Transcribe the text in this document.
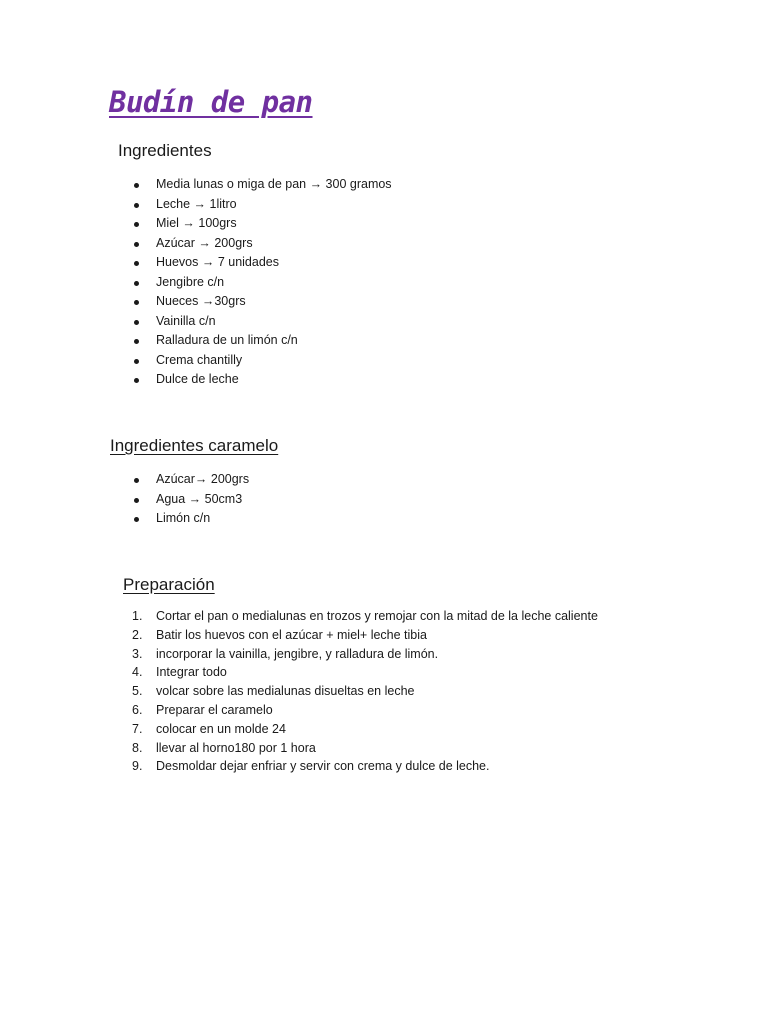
Budín de pan
Ingredientes
Media lunas o miga de pan → 300 gramos
Leche → 1litro
Miel → 100grs
Azúcar → 200grs
Huevos → 7 unidades
Jengibre c/n
Nueces →30grs
Vainilla c/n
Ralladura de un limón c/n
Crema chantilly
Dulce de leche
Ingredientes caramelo
Azúcar→ 200grs
Agua → 50cm3
Limón c/n
Preparación
1.	Cortar el pan o medialunas en trozos y remojar con la mitad de la leche caliente
2.	Batir los huevos con el azúcar + miel+ leche tibia
3.	incorporar la vainilla, jengibre, y ralladura de limón.
4.	Integrar todo
5.	volcar sobre las medialunas disueltas en leche
6.	Preparar el caramelo
7.	colocar en un molde 24
8.	llevar al horno180 por 1 hora
9.	Desmoldar dejar enfriar y servir con crema y dulce de leche.
